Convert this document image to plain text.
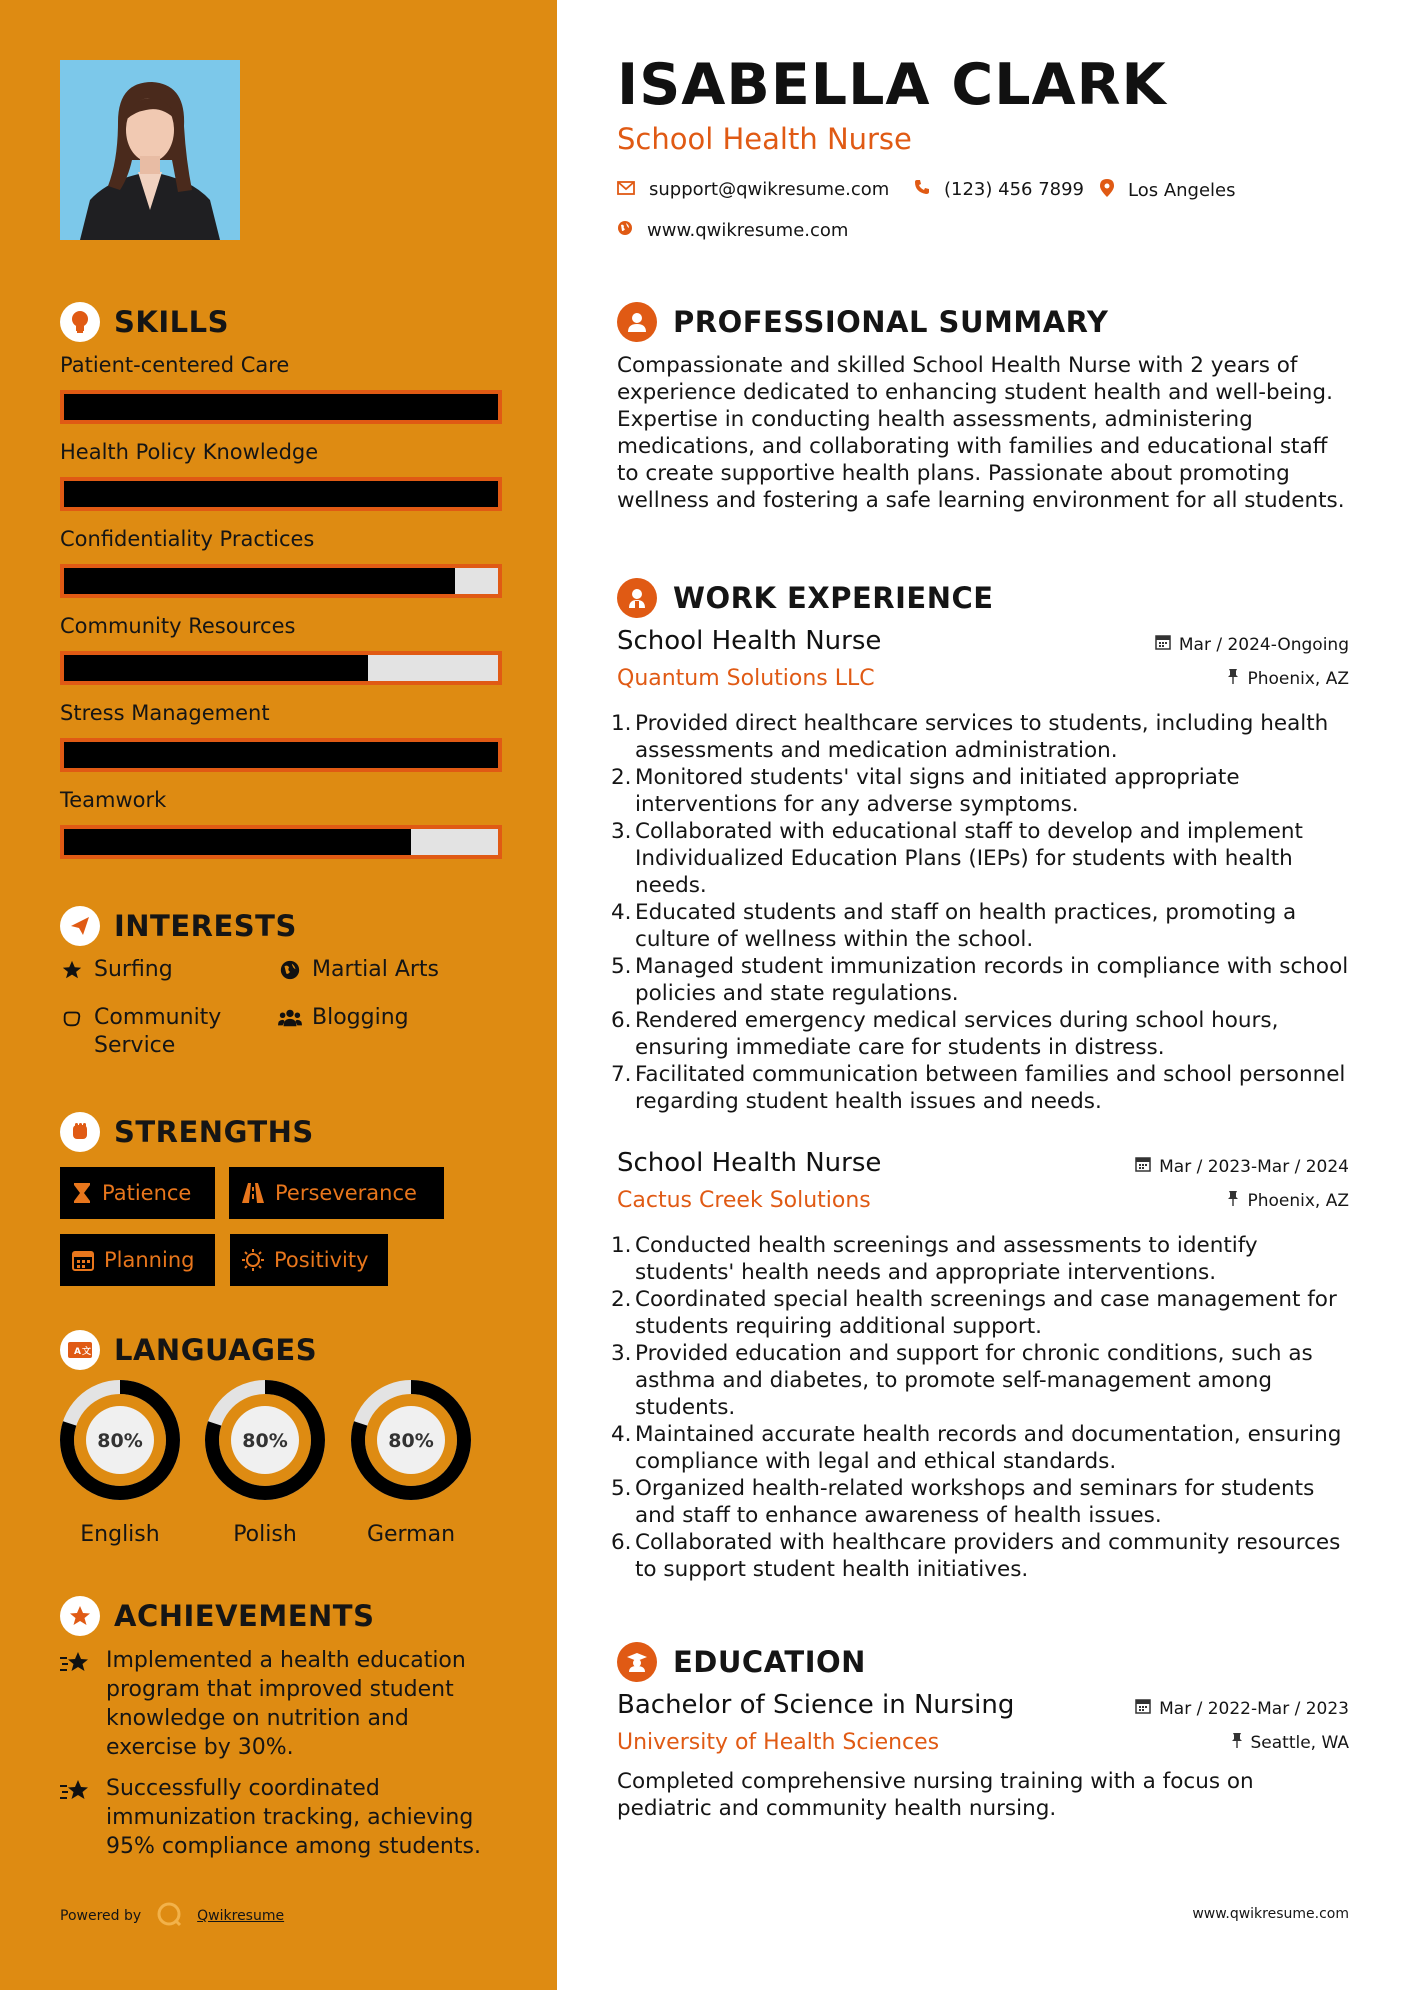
SKILLS
Patient-centered Care
Health Policy Knowledge
Confidentiality Practices
Community Resources
Stress Management
Teamwork
INTERESTS
Surfing	Martial Arts
Community Service
Blogging
STRENGTHS
Patience	Perseverance
Planning	Positivity
A 文 LANGUAGES
80%
English
80%
Polish
80%
German
ACHIEVEMENTS
Implemented a health education program that improved student knowledge on nutrition and exercise by 30%.
Successfully coordinated immunization tracking, achieving 95% compliance among students.
Powered by	Qwikresume
ISABELLA CLARK
School Health Nurse
support@qwikresume.com	(123) 456 7899 Los Angeles
www.qwikresume.com
PROFESSIONAL SUMMARY
Compassionate and skilled School Health Nurse with 2 years of experience dedicated to enhancing student health and well-being. Expertise in conducting health assessments, administering medications, and collaborating with families and educational staff to create supportive health plans. Passionate about promoting wellness and fostering a safe learning environment for all students.
WORK EXPERIENCE
School Health Nurse
Quantum Solutions LLC
Mar / 2024-Ongoing
Phoenix, AZ
1. Provided direct healthcare services to students, including health assessments and medication administration.
2. Monitored students' vital signs and initiated appropriate interventions for any adverse symptoms.
3. Collaborated with educational staff to develop and implement Individualized Education Plans (IEPs) for students with health needs.
4. Educated students and staff on health practices, promoting a culture of wellness within the school.
5. Managed student immunization records in compliance with school policies and state regulations.
6. Rendered emergency medical services during school hours, ensuring immediate care for students in distress.
7. Facilitated communication between families and school personnel regarding student health issues and needs.
School Health Nurse
Cactus Creek Solutions
Mar / 2023-Mar / 2024
Phoenix, AZ
1. Conducted health screenings and assessments to identify students' health needs and appropriate interventions.
2. Coordinated special health screenings and case management for students requiring additional support.
3. Provided education and support for chronic conditions, such as asthma and diabetes, to promote self-management among students.
4. Maintained accurate health records and documentation, ensuring compliance with legal and ethical standards.
5. Organized health-related workshops and seminars for students and staff to enhance awareness of health issues.
6. Collaborated with healthcare providers and community resources to support student health initiatives.
EDUCATION
Bachelor of Science in Nursing
University of Health Sciences
Mar / 2022-Mar / 2023
Seattle, WA
Completed comprehensive nursing training with a focus on pediatric and community health nursing.
www.qwikresume.com
